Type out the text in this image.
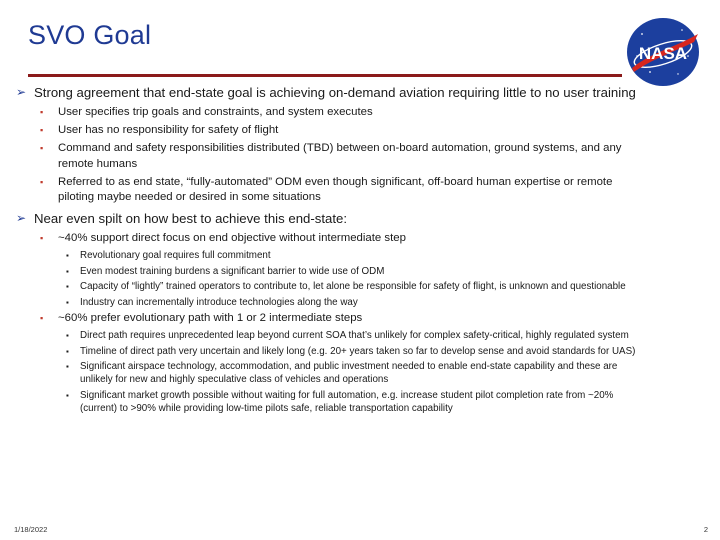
SVO Goal
NASA
➢ Strong agreement that end-state goal is achieving on-demand aviation requiring little to no user training
▪ User specifies trip goals and constraints, and system executes
▪ User has no responsibility for safety of flight
▪ Command and safety responsibilities distributed (TBD) between on-board automation, ground systems, and any remote humans
▪ Referred to as end state, “fully-automated” ODM even though significant, off-board human expertise or remote piloting maybe needed or desired in some situations
➢ Near even spilt on how best to achieve this end-state:
▪ ~40% support direct focus on end objective without intermediate step
▪ Revolutionary goal requires full commitment
▪ Even modest training burdens a significant barrier to wide use of ODM
▪ Capacity of “lightly” trained operators to contribute to, let alone be responsible for safety of flight, is unknown and questionable
▪ Industry can incrementally introduce technologies along the way
▪ ~60% prefer evolutionary path with 1 or 2 intermediate steps
▪ Direct path requires unprecedented leap beyond current SOA that’s unlikely for complex safety-critical, highly regulated system
▪ Timeline of direct path very uncertain and likely long (e.g. 20+ years taken so far to develop sense and avoid standards for UAS)
▪ Significant airspace technology, accommodation, and public investment needed to enable end-state capability and these are unlikely for new and highly speculative class of vehicles and operations
▪ Significant market growth possible without waiting for full automation, e.g. increase student pilot completion rate from ~20% (current) to >90% while providing low-time pilots safe, reliable transportation capability
1/18/2022	2
